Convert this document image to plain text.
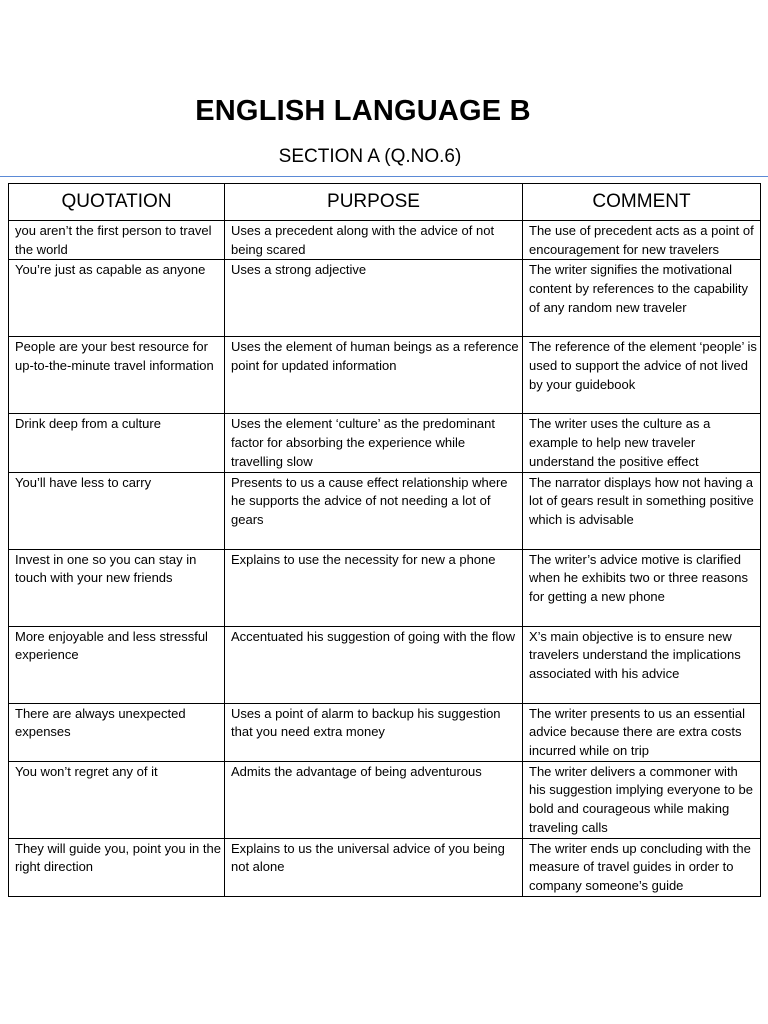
ENGLISH LANGUAGE B
SECTION A (Q.NO.6)
QUOTATION	PURPOSE	COMMENT
you aren’t the first person to travel the world	Uses a precedent along with the advice of not being scared	The use of precedent acts as a point of encouragement for new travelers
You’re just as capable as anyone	Uses a strong adjective	The writer signifies the motivational content by references to the capability of any random new traveler
People are your best resource for up-to-the-minute travel information	Uses the element of human beings as a reference point for updated information	The reference of the element ‘people’ is used to support the advice of not lived by your guidebook
Drink deep from a culture	Uses the element ‘culture’ as the predominant factor for absorbing the experience while travelling slow	The writer uses the culture as a example to help new traveler understand the positive effect
You’ll have less to carry	Presents to us a cause effect relationship where he supports the advice of not needing a lot of gears	The narrator displays how not having a lot of gears result in something positive which is advisable
Invest in one so you can stay in touch with your new friends	Explains to use the necessity for new a phone	The writer’s advice motive is clarified when he exhibits two or three reasons for getting a new phone
More enjoyable and less stressful experience	Accentuated his suggestion of going with the flow	X’s main objective is to ensure new travelers understand the implications associated with his advice
There are always unexpected expenses	Uses a point of alarm to backup his suggestion that you need extra money	The writer presents to us an essential advice because there are extra costs incurred while on trip
You won’t regret any of it	Admits the advantage of being adventurous	The writer delivers a commoner with his suggestion implying everyone to be bold and courageous while making traveling calls
They will guide you, point you in the right direction	Explains to us the universal advice of you being not alone	The writer ends up concluding with the measure of travel guides in order to company someone’s guide
